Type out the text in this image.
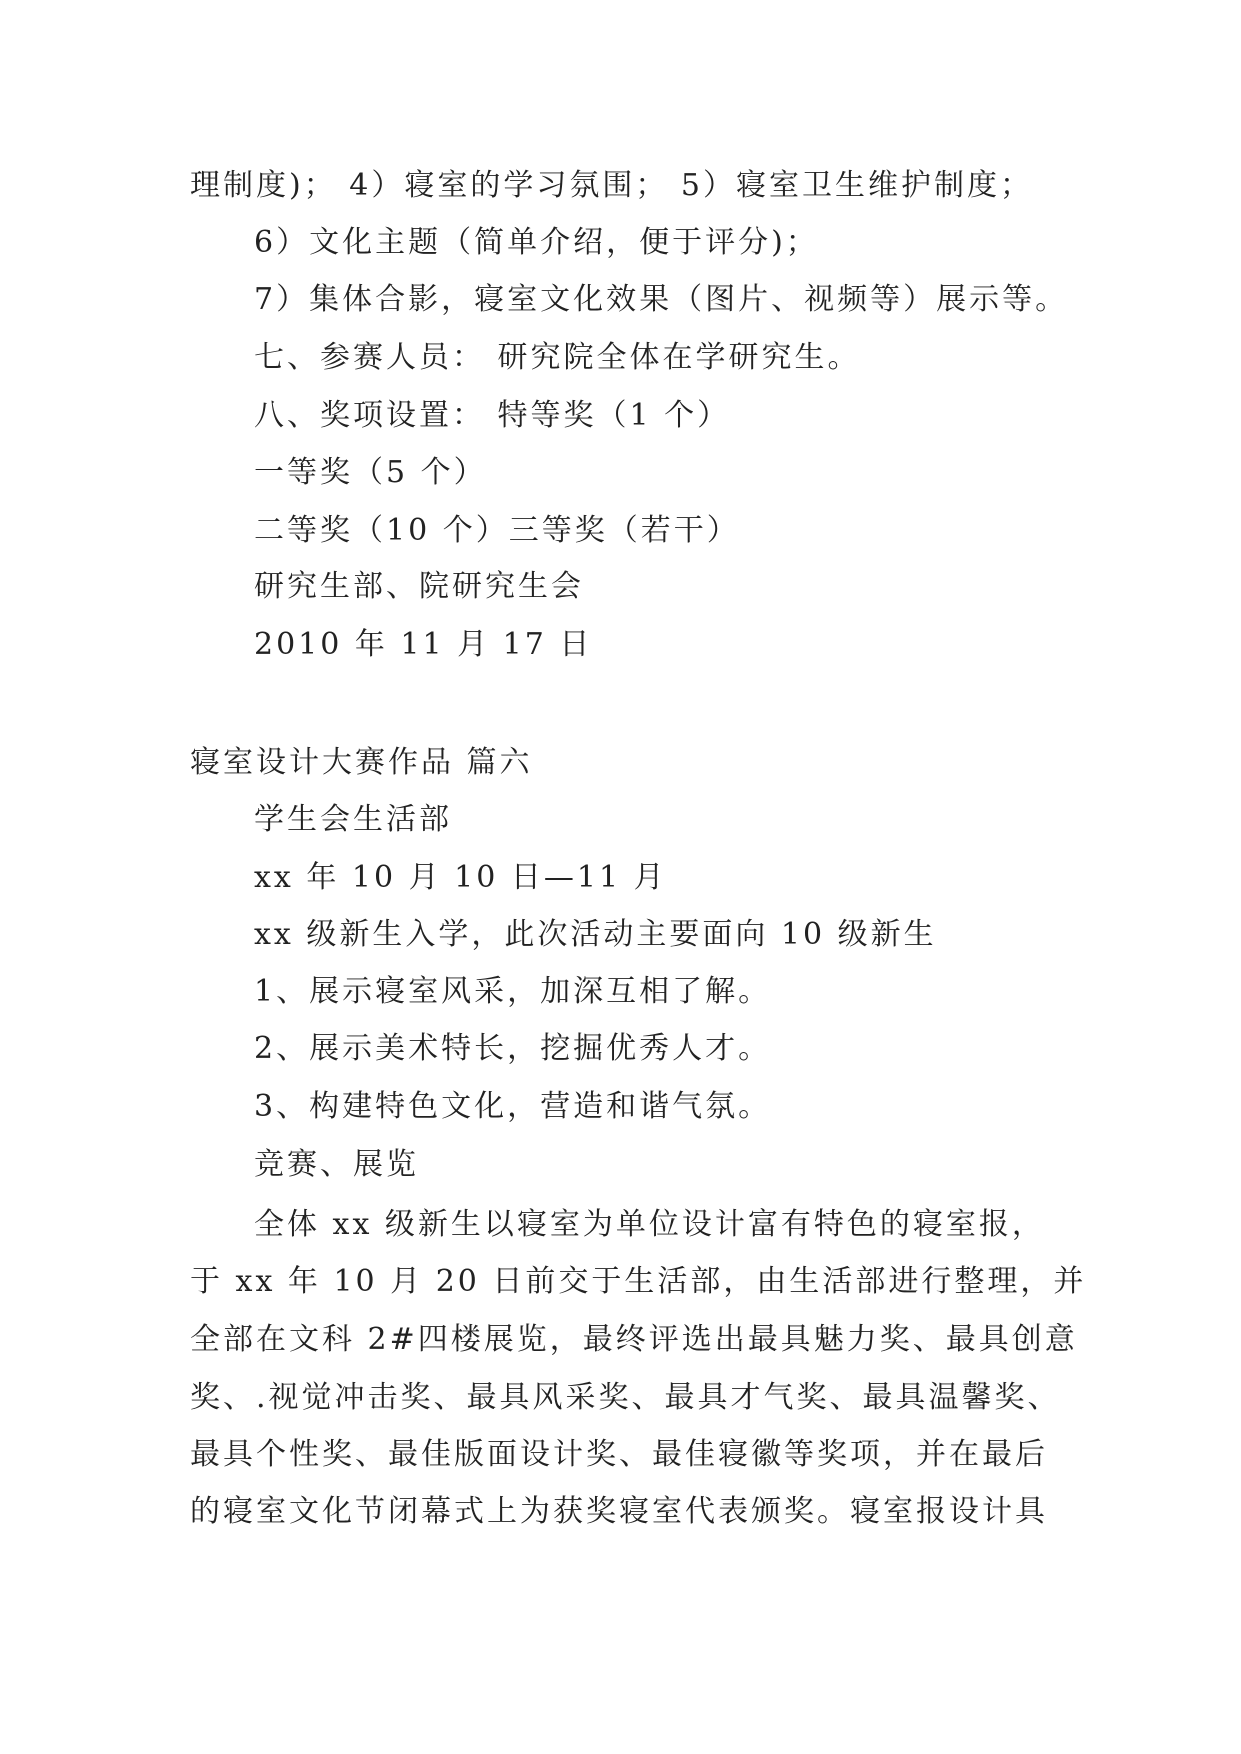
理制度)； 4）寝室的学习氛围； 5）寝室卫生维护制度；
6）文化主题（简单介绍，便于评分)；
7）集体合影，寝室文化效果（图片、视频等）展示等。
七、参赛人员： 研究院全体在学研究生。
八、奖项设置： 特等奖（1 个）
一等奖（5 个）
二等奖（10 个）三等奖（若干）
研究生部、院研究生会
2010 年 11 月 17 日
寝室设计大赛作品 篇六
学生会生活部
xx 年 10 月 10 日—11 月
xx 级新生入学，此次活动主要面向 10 级新生
1、展示寝室风采，加深互相了解。
2、展示美术特长，挖掘优秀人才。
3、构建特色文化，营造和谐气氛。
竞赛、展览
全体 xx 级新生以寝室为单位设计富有特色的寝室报，
于 xx 年 10 月 20 日前交于生活部，由生活部进行整理，并
全部在文科 2#四楼展览，最终评选出最具魅力奖、最具创意
奖、.视觉冲击奖、最具风采奖、最具才气奖、最具温馨奖、
最具个性奖、最佳版面设计奖、最佳寝徽等奖项，并在最后
的寝室文化节闭幕式上为获奖寝室代表颁奖。寝室报设计具
